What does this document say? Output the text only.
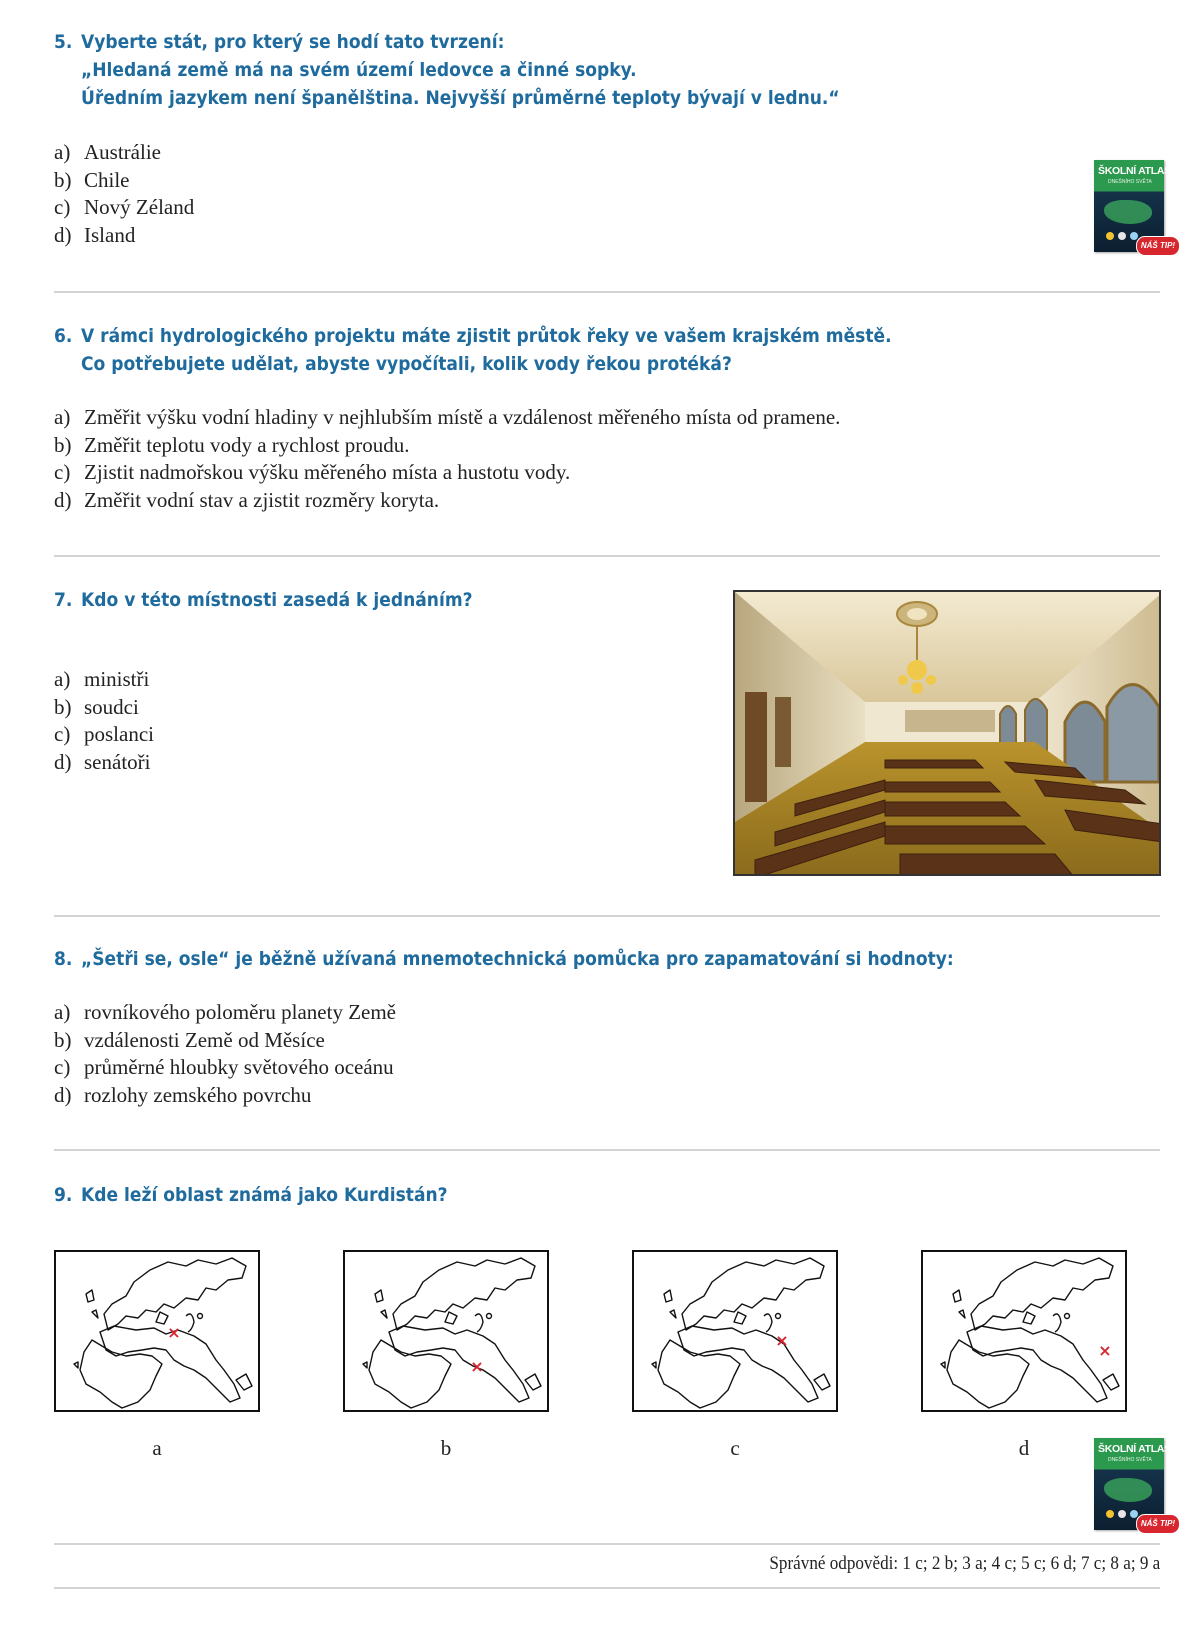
5. Vyberte stát, pro který se hodí tato tvrzení:
„Hledaná země má na svém území ledovce a činné sopky.
Úředním jazykem není španělština. Nejvyšší průměrné teploty bývají v lednu.“
a) Austrálie
b) Chile
c) Nový Zéland
d) Island
ŠKOLNÍ ATLAS
DNEŠNÍHO SVĚTA
NÁŠ TIP!
6. V rámci hydrologického projektu máte zjistit průtok řeky ve vašem krajském městě.
Co potřebujete udělat, abyste vypočítali, kolik vody řekou protéká?
a) Změřit výšku vodní hladiny v nejhlubším místě a vzdálenost měřeného místa od pramene.
b) Změřit teplotu vody a rychlost proudu.
c) Zjistit nadmořskou výšku měřeného místa a hustotu vody.
d) Změřit vodní stav a zjistit rozměry koryta.
7. Kdo v této místnosti zasedá k jednáním?
a) ministři
b) soudci
c) poslanci
d) senátoři
8. „Šetři se, osle“ je běžně užívaná mnemotechnická pomůcka pro zapamatování si hodnoty:
a) rovníkového poloměru planety Země
b) vzdálenosti Země od Měsíce
c) průměrné hloubky světového oceánu
d) rozlohy zemského povrchu
9. Kde leží oblast známá jako Kurdistán?
×
a
×
b
×
c
×
d	ŠKOLNÍ ATLAS
DNEŠNÍHO SVĚTA
NÁŠ TIP!
Správné odpovědi: 1 c; 2 b; 3 a; 4 c; 5 c; 6 d; 7 c; 8 a; 9 a
